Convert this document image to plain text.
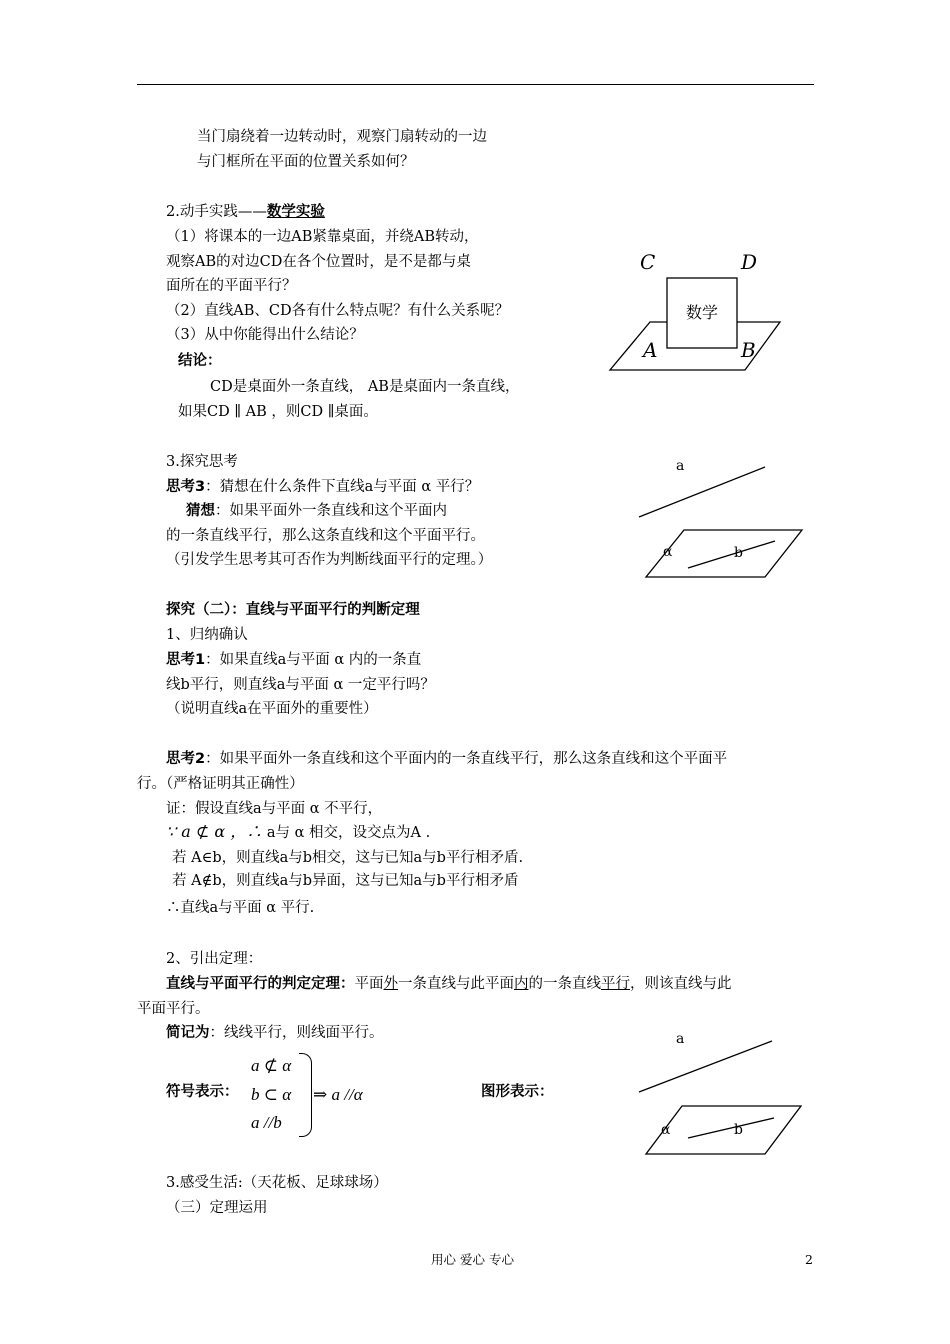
当门扇绕着一边转动时，观察门扇转动的一边
与门框所在平面的位置关系如何？
2.动手实践——数学实验
（1）将课本的一边AB紧靠桌面，并绕AB转动，
观察AB的对边CD在各个位置时，是不是都与桌
面所在的平面平行？
（2）直线AB、CD各有什么特点呢？有什么关系呢？
（3）从中你能得出什么结论？
结论：
CD是桌面外一条直线， AB是桌面内一条直线，
如果CD ∥ AB ，则CD ∥桌面。
数学
C	D
A	B
3.探究思考
思考3：猜想在什么条件下直线a与平面 α 平行？
猜想：如果平面外一条直线和这个平面内
的一条直线平行，那么这条直线和这个平面平行。
（引发学生思考其可否作为判断线面平行的定理。）
a
α	b
探究（二）：直线与平面平行的判断定理
1、归纳确认
思考1：如果直线a与平面 α 内的一条直
线b平行，则直线a与平面 α 一定平行吗？
（说明直线a在平面外的重要性）
思考2：如果平面外一条直线和这个平面内的一条直线平行，那么这条直线和这个平面平
行。（严格证明其正确性）
证：假设直线a与平面 α 不平行，
∵ a ⊄ α ，∴ a与 α 相交，设交点为A .
若 A∈b，则直线a与b相交，这与已知a与b平行相矛盾.
若 A∉b，则直线a与b异面，这与已知a与b平行相矛盾
∴直线a与平面 α 平行.
2、引出定理：
直线与平面平行的判定定理：平面外一条直线与此平面内的一条直线平行，则该直线与此
平面平行。
简记为：线线平行，则线面平行。
符号表示：
a ⊄ α
b ⊂ α
a //b
⇒ a //α	图形表示：
a
α	b
3.感受生活:（天花板、足球球场）
（三）定理运用
用心 爱心 专心	2
